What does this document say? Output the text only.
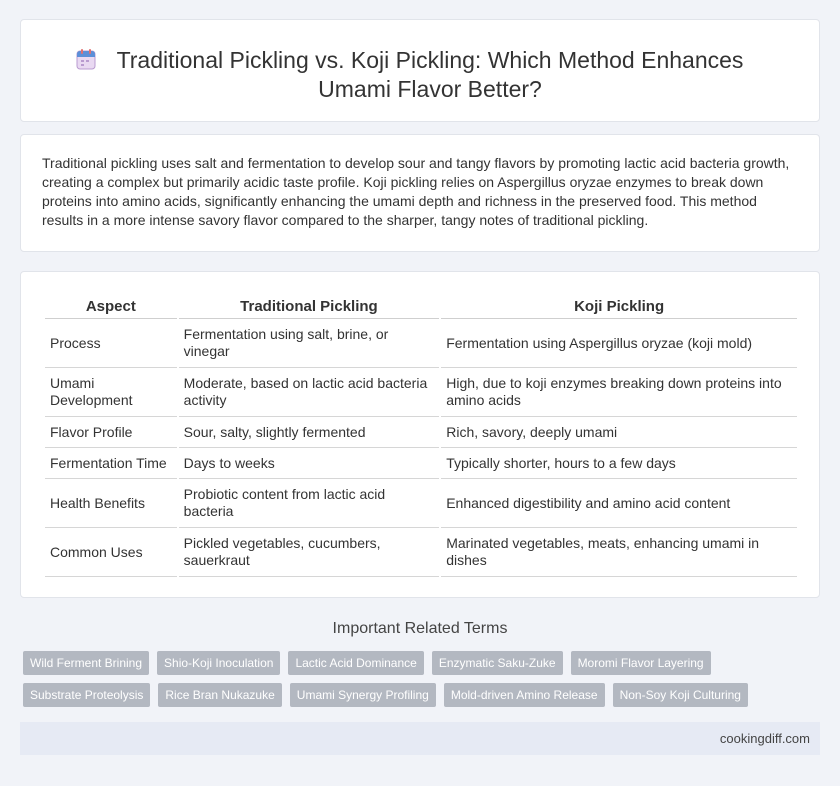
Traditional Pickling vs. Koji Pickling: Which Method Enhances
Umami Flavor Better?

Traditional pickling uses salt and fermentation to develop sour and tangy flavors by promoting lactic acid bacteria growth, creating a complex but primarily acidic taste profile. Koji pickling relies on Aspergillus oryzae enzymes to break down proteins into amino acids, significantly enhancing the umami depth and richness in the preserved food. This method results in a more intense savory flavor compared to the sharper, tangy notes of traditional pickling.

Aspect	Traditional Pickling	Koji Pickling
Process	Fermentation using salt, brine, or vinegar	Fermentation using Aspergillus oryzae (koji mold)
Umami Development	Moderate, based on lactic acid bacteria activity	High, due to koji enzymes breaking down proteins into amino acids
Flavor Profile	Sour, salty, slightly fermented	Rich, savory, deeply umami
Fermentation Time	Days to weeks	Typically shorter, hours to a few days
Health Benefits	Probiotic content from lactic acid bacteria	Enhanced digestibility and amino acid content
Common Uses	Pickled vegetables, cucumbers, sauerkraut	Marinated vegetables, meats, enhancing umami in dishes
Important Related Terms
Wild Ferment Brining	Shio-Koji Inoculation	Lactic Acid Dominance	Enzymatic Saku-Zuke	Moromi Flavor Layering
Substrate Proteolysis	Rice Bran Nukazuke	Umami Synergy Profiling	Mold-driven Amino Release	Non-Soy Koji Culturing
cookingdiff.com
